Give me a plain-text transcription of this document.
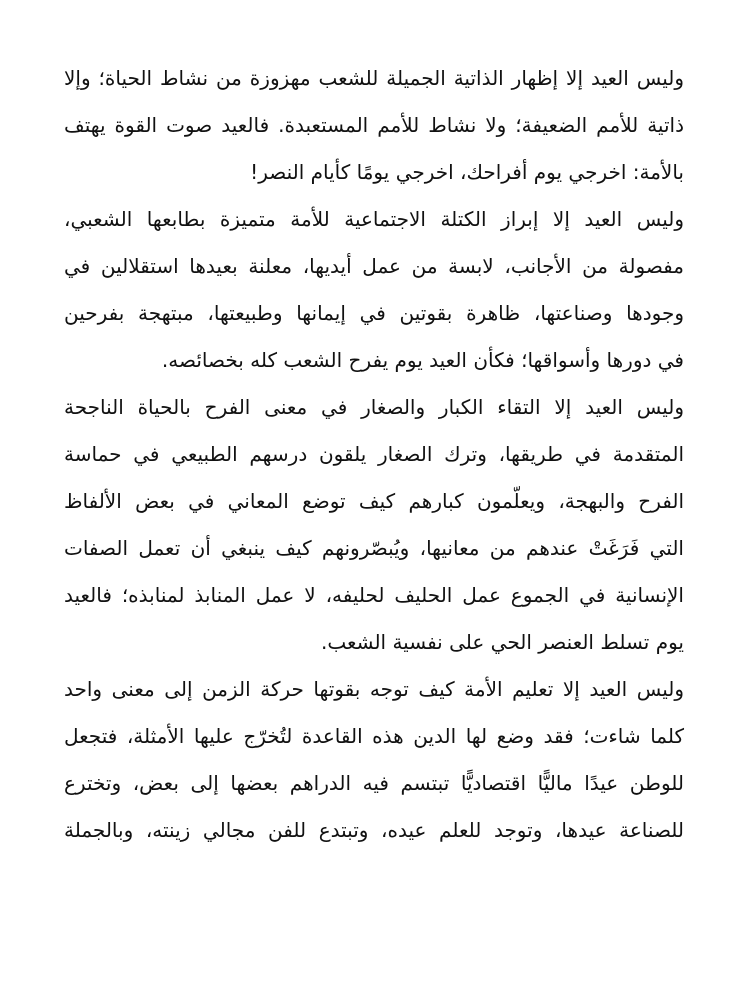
وليس العيد إلا إظهار الذاتية الجميلة للشعب مهزوزة من نشاط الحياة؛ وإلا
ذاتية للأمم الضعيفة؛ ولا نشاط للأمم المستعبدة. فالعيد صوت القوة يهتف
بالأمة: اخرجي يوم أفراحك، اخرجي يومًا كأيام النصر!
وليس العيد إلا إبراز الكتلة الاجتماعية للأمة متميزة بطابعها الشعبي،
مفصولة من الأجانب، لابسة من عمل أيديها، معلنة بعيدها استقلالين في
وجودها وصناعتها، ظاهرة بقوتين في إيمانها وطبيعتها، مبتهجة بفرحين
في دورها وأسواقها؛ فكأن العيد يوم يفرح الشعب كله بخصائصه.
وليس العيد إلا التقاء الكبار والصغار في معنى الفرح بالحياة الناجحة
المتقدمة في طريقها، وترك الصغار يلقون درسهم الطبيعي في حماسة
الفرح والبهجة، ويعلّمون كبارهم كيف توضع المعاني في بعض الألفاظ
التي فَرَغَتْ عندهم من معانيها، ويُبصّرونهم كيف ينبغي أن تعمل الصفات
الإنسانية في الجموع عمل الحليف لحليفه، لا عمل المنابذ لمنابذه؛ فالعيد
يوم تسلط العنصر الحي على نفسية الشعب.
وليس العيد إلا تعليم الأمة كيف توجه بقوتها حركة الزمن إلى معنى واحد
كلما شاءت؛ فقد وضع لها الدين هذه القاعدة لتُخرّج عليها الأمثلة، فتجعل
للوطن عيدًا ماليًّا اقتصاديًّا تبتسم فيه الدراهم بعضها إلى بعض، وتخترع
للصناعة عيدها، وتوجد للعلم عيده، وتبتدع للفن مجالي زينته، وبالجملة
